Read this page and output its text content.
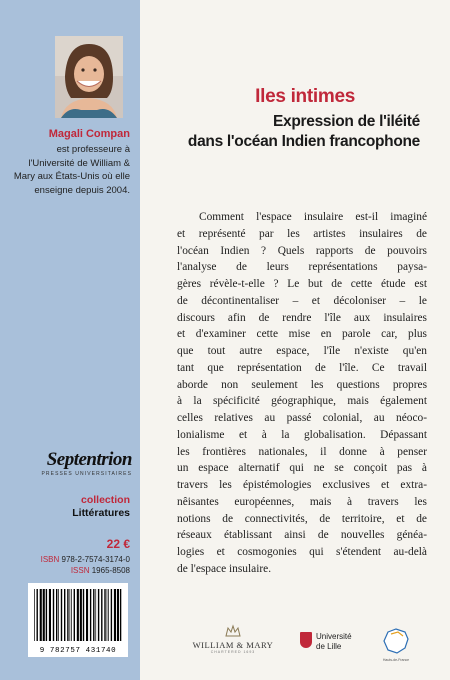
Magali Compan
est professeure à
l'Université de William &
Mary aux États-Unis où elle
enseigne depuis 2004.
Septentrion
PRESSES UNIVERSITAIRES
collection
Littératures
22 €
ISBN 978-2-7574-3174-0
ISSN 1965-8508
9 782757 431740
Iles intimes
Expression de l'iléité
dans l'océan Indien francophone
Comment l'espace insulaire est-il imaginé
et représenté par les artistes insulaires de
l'océan Indien ? Quels rapports de pouvoirs
l'analyse de leurs représentations paysa-
gères révèle-t-elle ? Le but de cette étude est
de décontinentaliser – et décoloniser – le
discours afin de rendre l'île aux insulaires
et d'examiner cette mise en parole car, plus
que tout autre espace, l'île n'existe qu'en
tant que représentation de l'île. Ce travail
aborde non seulement les questions propres
à la spécificité géographique, mais également
celles relatives au passé colonial, au néoco-
lonialisme et à la globalisation. Dépassant
les frontières nationales, il donne à penser
un espace alternatif qui ne se conçoit pas à
travers les épistémologies exclusives et extra-
nêisantes européennes, mais à travers les
notions de connectivités, de territoire, et de
réseaux établissant ainsi de nouvelles généa-
logies et cosmogonies qui s'étendent au-delà
de l'espace insulaire.
WILLIAM & MARY
CHARTERED 1693
Université
de Lille
Hauts-de-France
